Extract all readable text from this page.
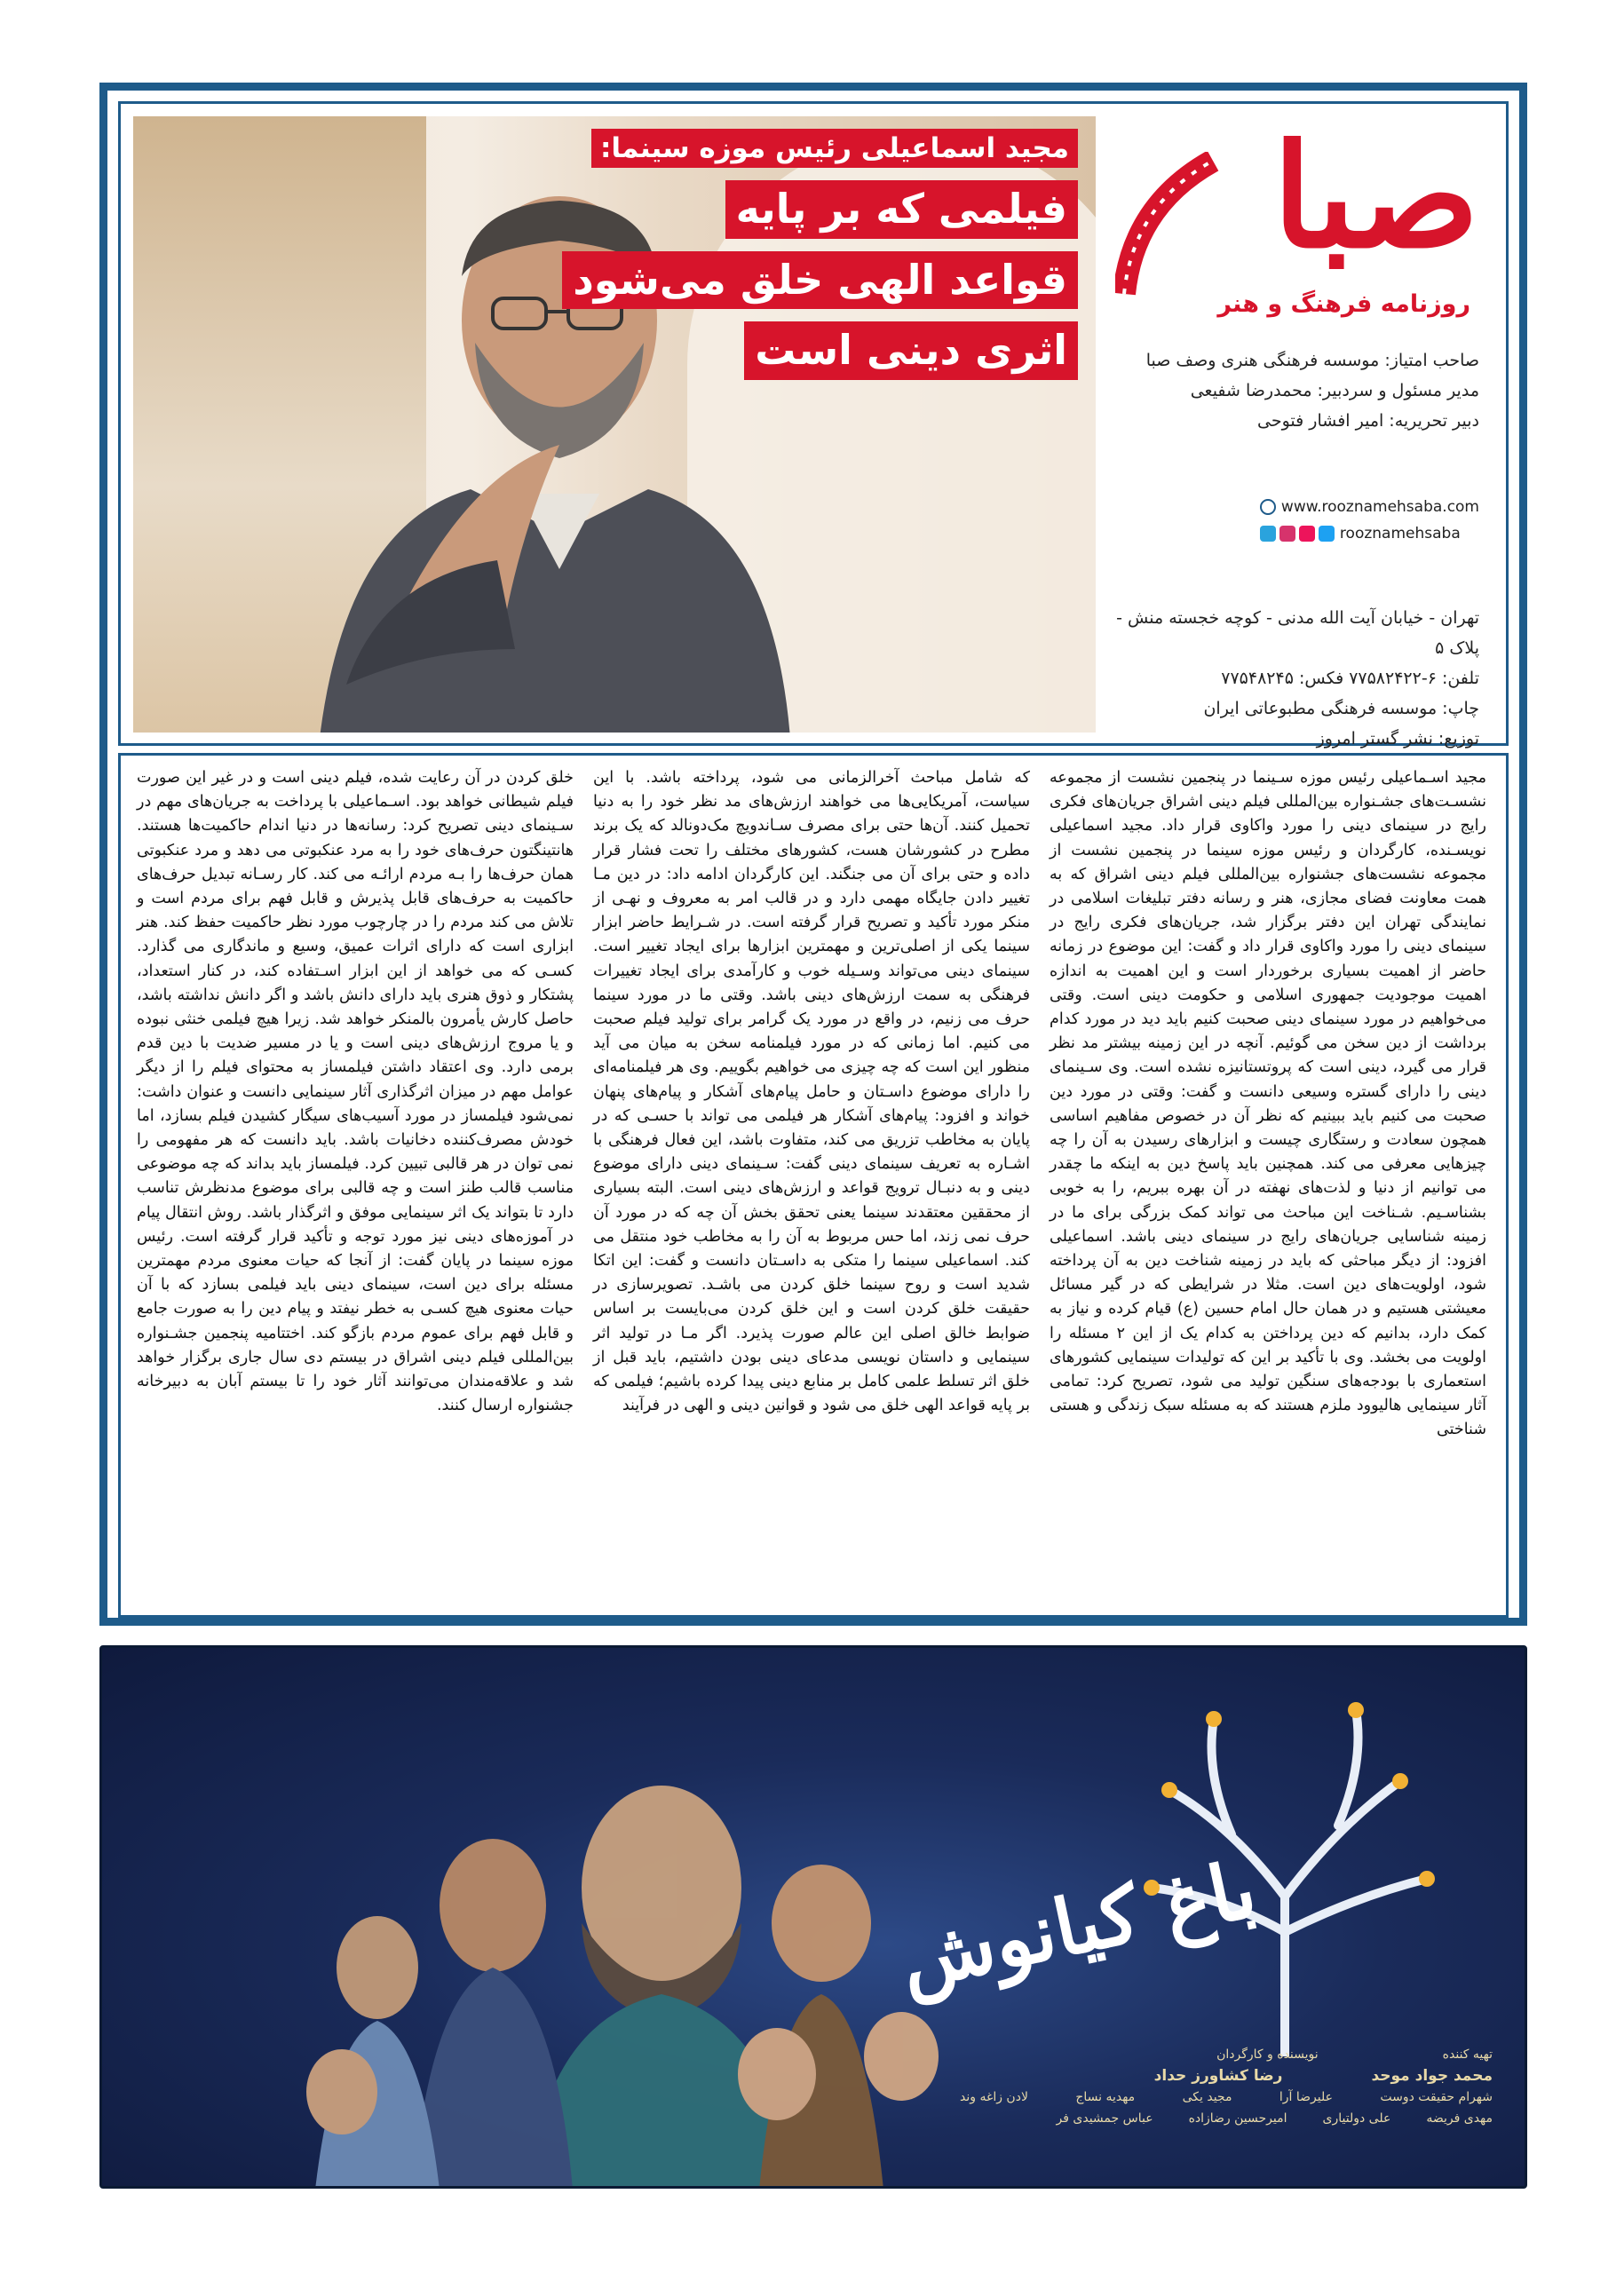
مجید اسماعیلی رئیس موزه سینما:
فیلمی که بر پایه
قواعد الهی خلق می‌شود
اثری دینی است
صبا
روزنامه فرهنگ و هنر
صاحب امتیاز: موسسه فرهنگی هنری وصف صبا
مدیر مسئول و سردبیر: محمدرضا شفیعی
دبیر تحریریه: امیر افشار فتوحی
www.rooznamehsaba.com
rooznamehsaba
تهران - خیابان آیت الله مدنی - کوچه خجسته منش - پلاک ۵
تلفن: ۶-۷۷۵۸۲۴۲۲ فکس: ۷۷۵۴۸۲۴۵
چاپ: موسسه فرهنگی مطبوعاتی ایران
توزیع: نشر گستر امروز

مجید اسـماعیلی رئیس موزه سـینما در پنجمین نشست از مجموعه نشسـت‌های جشـنواره بین‌المللی فیلم دینی اشراق جریان‌های فکری رایج در سینمای دینی را مورد واکاوی قرار داد. مجید اسماعیلی نویسـنده، کارگردان و رئیس موزه سینما در پنجمین نشست از مجموعه نشست‌های جشنواره بین‌المللی فیلم دینی اشراق که به همت معاونت فضای مجازی، هنر و رسانه دفتر تبلیغات اسلامی در نمایندگی تهران این دفتر برگزار شد، جریان‌های فکری رایج در سینمای دینی را مورد واکاوی قرار داد و گفت: این موضوع در زمانه حاضر از اهمیت بسیاری برخوردار است و این اهمیت به اندازه اهمیت موجودیت جمهوری اسلامی و حکومت دینی است. وقتی می‌خواهیم در مورد سینمای دینی صحبت کنیم باید دید در مورد کدام برداشت از دین سخن می گوئیم. آنچه در این زمینه بیشتر مد نظر قرار می گیرد، دینی است که پروتستانیزه نشده است. وی سـینمای دینی را دارای گستره وسیعی دانست و گفت: وقتی در مورد دین صحبت می کنیم باید ببینیم که نظر آن در خصوص مفاهیم اساسی همچون سعادت و رستگاری چیست و ابزارهای رسیدن به آن را چه چیزهایی معرفی می کند. همچنین باید پاسخ دین به اینکه ما چقدر می توانیم از دنیا و لذت‌های نهفته در آن بهره ببریم، را به خوبی بشناسـیم. شـناخت این مباحث می تواند کمک بزرگی برای ما در زمینه شناسایی جریان‌های رایج در سینمای دینی باشد. اسماعیلی افزود: از دیگر مباحثی که باید در زمینه شناخت دین به آن پرداخته شود، اولویت‌های دین است. مثلا در شرایطی که در گیر مسائل معیشتی هستیم و در همان حال امام حسین (ع) قیام کرده و نیاز به کمک دارد، بدانیم که دین پرداختن به کدام یک از این ۲ مسئله را اولویت می بخشد. وی با تأکید بر این که تولیدات سینمایی کشورهای استعماری با بودجه‌های سنگین تولید می شود، تصریح کرد: تمامی آثار سینمایی هالیوود ملزم هستند که به مسئله سبک زندگی و هستی شناختی

که شامل مباحث آخرالزمانی می شود، پرداخته باشد. با این سیاست، آمریکایی‌ها می خواهند ارزش‌های مد نظر خود را به دنیا تحمیل کنند. آن‌ها حتی برای مصرف سـاندویچ مک‌دونالد که یک برند مطرح در کشورشان هست، کشورهای مختلف را تحت فشار قرار داده و حتی برای آن می جنگند. این کارگردان ادامه داد: در دین مـا تغییر دادن جایگاه مهمی دارد و در قالب امر به معروف و نهـی از منکر مورد تأکید و تصریح قرار گرفته است. در شـرایط حاضر ابزار سینما یکی از اصلی‌ترین و مهمترین ابزارها برای ایجاد تغییر است. سینمای دینی می‌تواند وسـیله خوب و کارآمدی برای ایجاد تغییرات فرهنگی به سمت ارزش‌های دینی باشد. وقتی ما در مورد سینما حرف می زنیم، در واقع در مورد یک گرامر برای تولید فیلم صحبت می کنیم. اما زمانی که در مورد فیلمنامه سخن به میان می آید منظور این است که چه چیزی می خواهیم بگوییم. وی هر فیلمنامه‌ای را دارای موضوع داسـتان و حامل پیام‌های آشکار و پیام‌های پنهان خواند و افزود: پیام‌های آشکار هر فیلمی می تواند با حسـی که در پایان به مخاطب تزریق می کند، متفاوت باشد، این فعال فرهنگی با اشـاره به تعریف سینمای دینی گفت: سـینمای دینی دارای موضوع دینی و به دنبـال ترویج قواعد و ارزش‌های دینی است. البته بسیاری از محققین معتقدند سینما یعنی تحقق بخش آن چه که در مورد آن حرف نمی زند، اما حس مربوط به آن را به مخاطب خود منتقل می کند. اسماعیلی سینما را متکی به داسـتان دانست و گفت: این اتکا شدید است و روح سینما خلق کردن می باشـد. تصویرسازی در حقیقت خلق کردن است و این خلق کردن می‌بایست بر اساس ضوابط خالق اصلی این عالم صورت پذیرد. اگر مـا در تولید اثر سینمایی و داستان نویسی مدعای دینی بودن داشتیم، باید قبل از خلق اثر تسلط علمی کامل بر منابع دینی پیدا کرده باشیم؛ فیلمی که بر پایه قواعد الهی خلق می شود و قوانین دینی و الهی در فرآیند

خلق کردن در آن رعایت شده، فیلم دینی است و در غیر این صورت فیلم شیطانی خواهد بود. اسـماعیلی با پرداخت به جریان‌های مهم در سـینمای دینی تصریح کرد: رسانه‌ها در دنیا اندام حاکمیت‌ها هستند. هانتینگتون حرف‌های خود را به مرد عنکبوتی می دهد و مرد عنکبوتی همان حرف‌ها را بـه مردم ارائـه می کند. کار رسـانه تبدیل حرف‌های حاکمیت به حرف‌های قابل پذیرش و قابل فهم برای مردم است و تلاش می کند مردم را در چارچوب مورد نظر حاکمیت حفظ کند. هنر ابزاری است که دارای اثرات عمیق، وسیع و ماندگاری می گذارد. کسـی که می خواهد از این ابزار اسـتفاده کند، در کنار استعداد، پشتکار و ذوق هنری باید دارای دانش باشد و اگر دانش نداشته باشد، حاصل کارش یأمرون بالمنکر خواهد شد. زیرا هیچ فیلمی خنثی نبوده و یا مروج ارزش‌های دینی است و یا در مسیر ضدیت با دین قدم برمی دارد. وی اعتقاد داشتن فیلمساز به محتوای فیلم را از دیگر عوامل مهم در میزان اثرگذاری آثار سینمایی دانست و عنوان داشت: نمی‌شود فیلمساز در مورد آسیب‌های سیگار کشیدن فیلم بسازد، اما خودش مصرف‌کننده دخانیات باشد. باید دانست که هر مفهومی را نمی توان در هر قالبی تبیین کرد. فیلمساز باید بداند که چه موضوعی مناسب قالب طنز است و چه قالبی برای موضوع مدنظرش تناسب دارد تا بتواند یک اثر سینمایی موفق و اثرگذار باشد. روش انتقال پیام در آموزه‌های دینی نیز مورد توجه و تأکید قرار گرفته است. رئیس موزه سینما در پایان گفت: از آنجا که حیات معنوی مردم مهمترین مسئله برای دین است، سینمای دینی باید فیلمی بسازد که با آن حیات معنوی هیچ کسـی به خطر نیفتد و پیام دین را به صورت جامع و قابل فهم برای عموم مردم بازگو کند. اختتامیه پنجمین جشـنواره بین‌المللی فیلم دینی اشراق در بیستم دی سال جاری برگزار خواهد شد و علاقه‌مندان می‌توانند آثار خود را تا بیستم آبان به دبیرخانه جشنواره ارسال کنند.

باغ کیانوش
تهیه کننده
نویسنده و کارگردان
محمد جواد موحد
رضا کشاورز حداد
شهرام حقیقت دوست
علیرضا آرا
مجید یکی
مهدیه نساج
لادن زاغه وند
مهدی فریضه
علی دولتیاری
امیرحسین رضازاده
عباس جمشیدی فر
